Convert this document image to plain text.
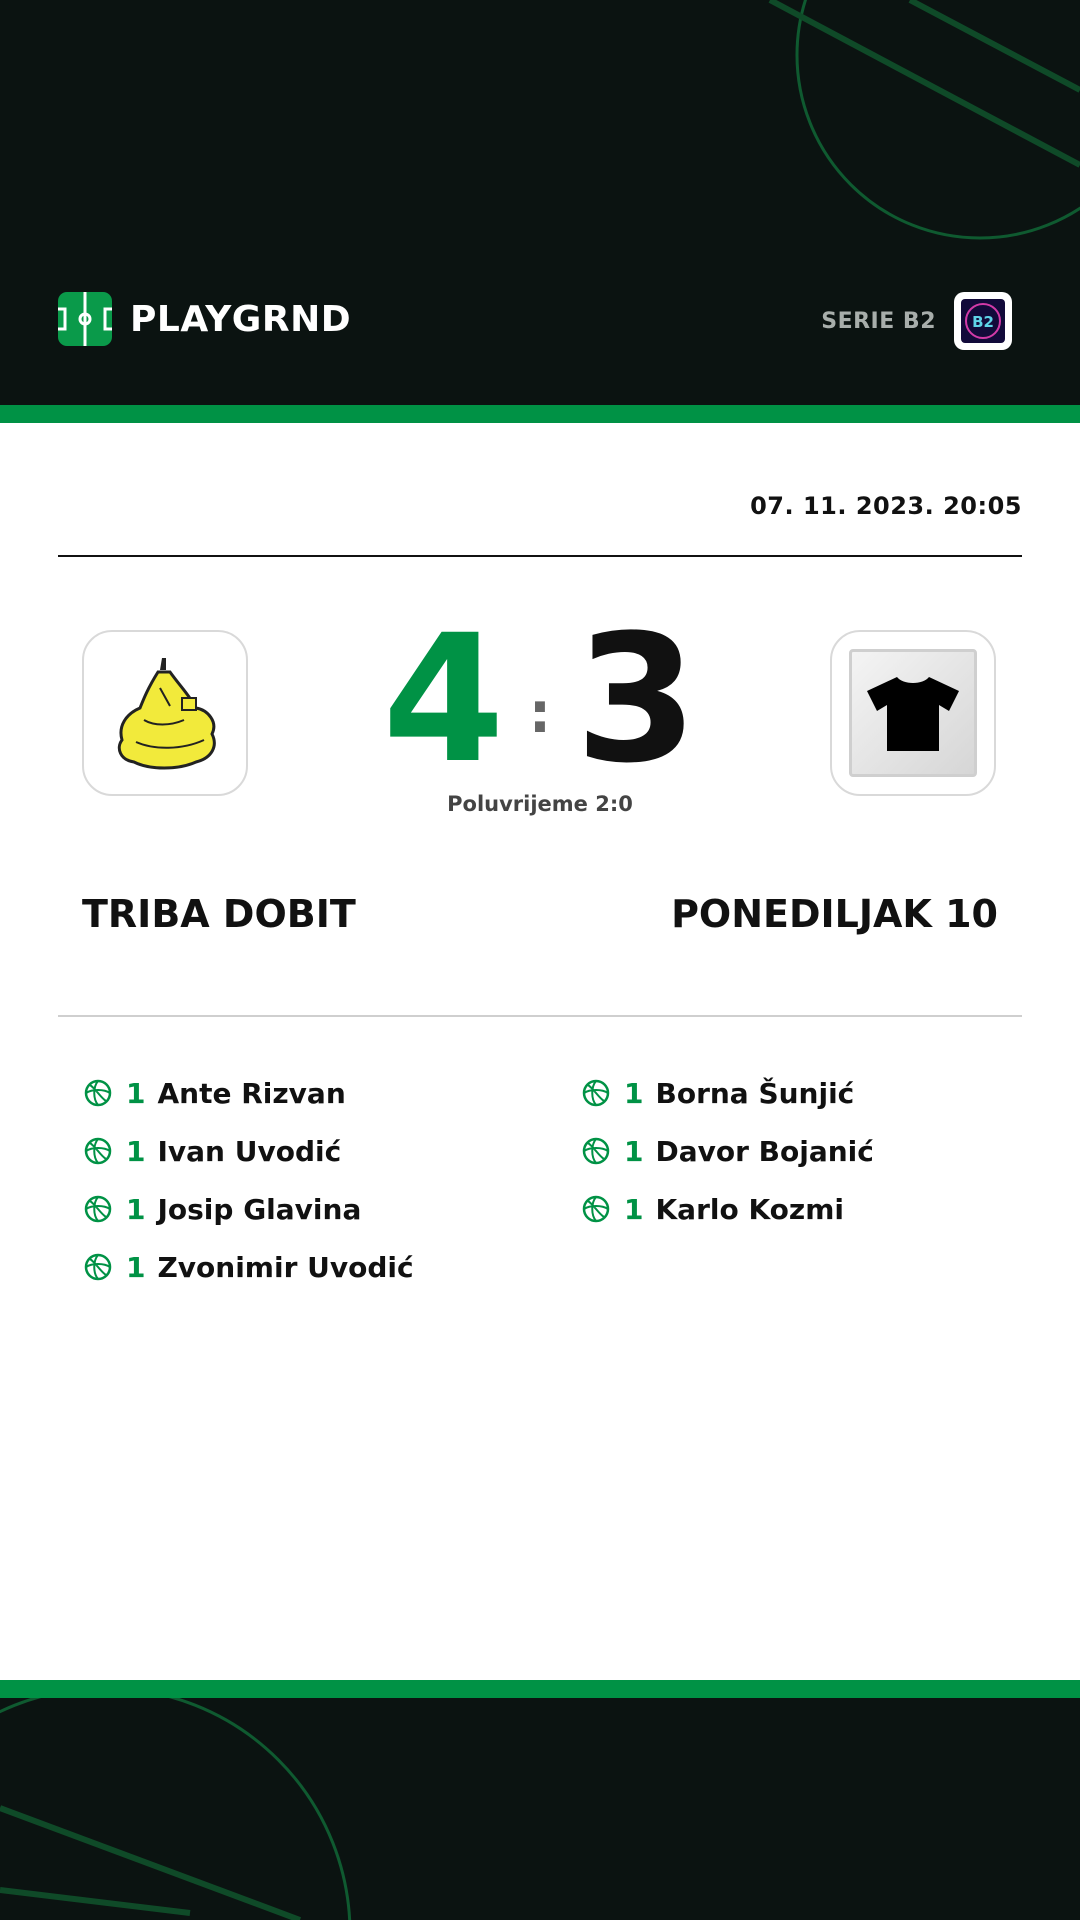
PLAYGRND	SERIE B2 B2
07. 11. 2023. 20:05
4 : 3
Poluvrijeme 2:0
TRIBA DOBIT	PONEDILJAK 10
1 Ante Rizvan
1 Ivan Uvodić
1 Josip Glavina
1 Zvonimir Uvodić
1 Borna Šunjić
1 Davor Bojanić
1 Karlo Kozmi
